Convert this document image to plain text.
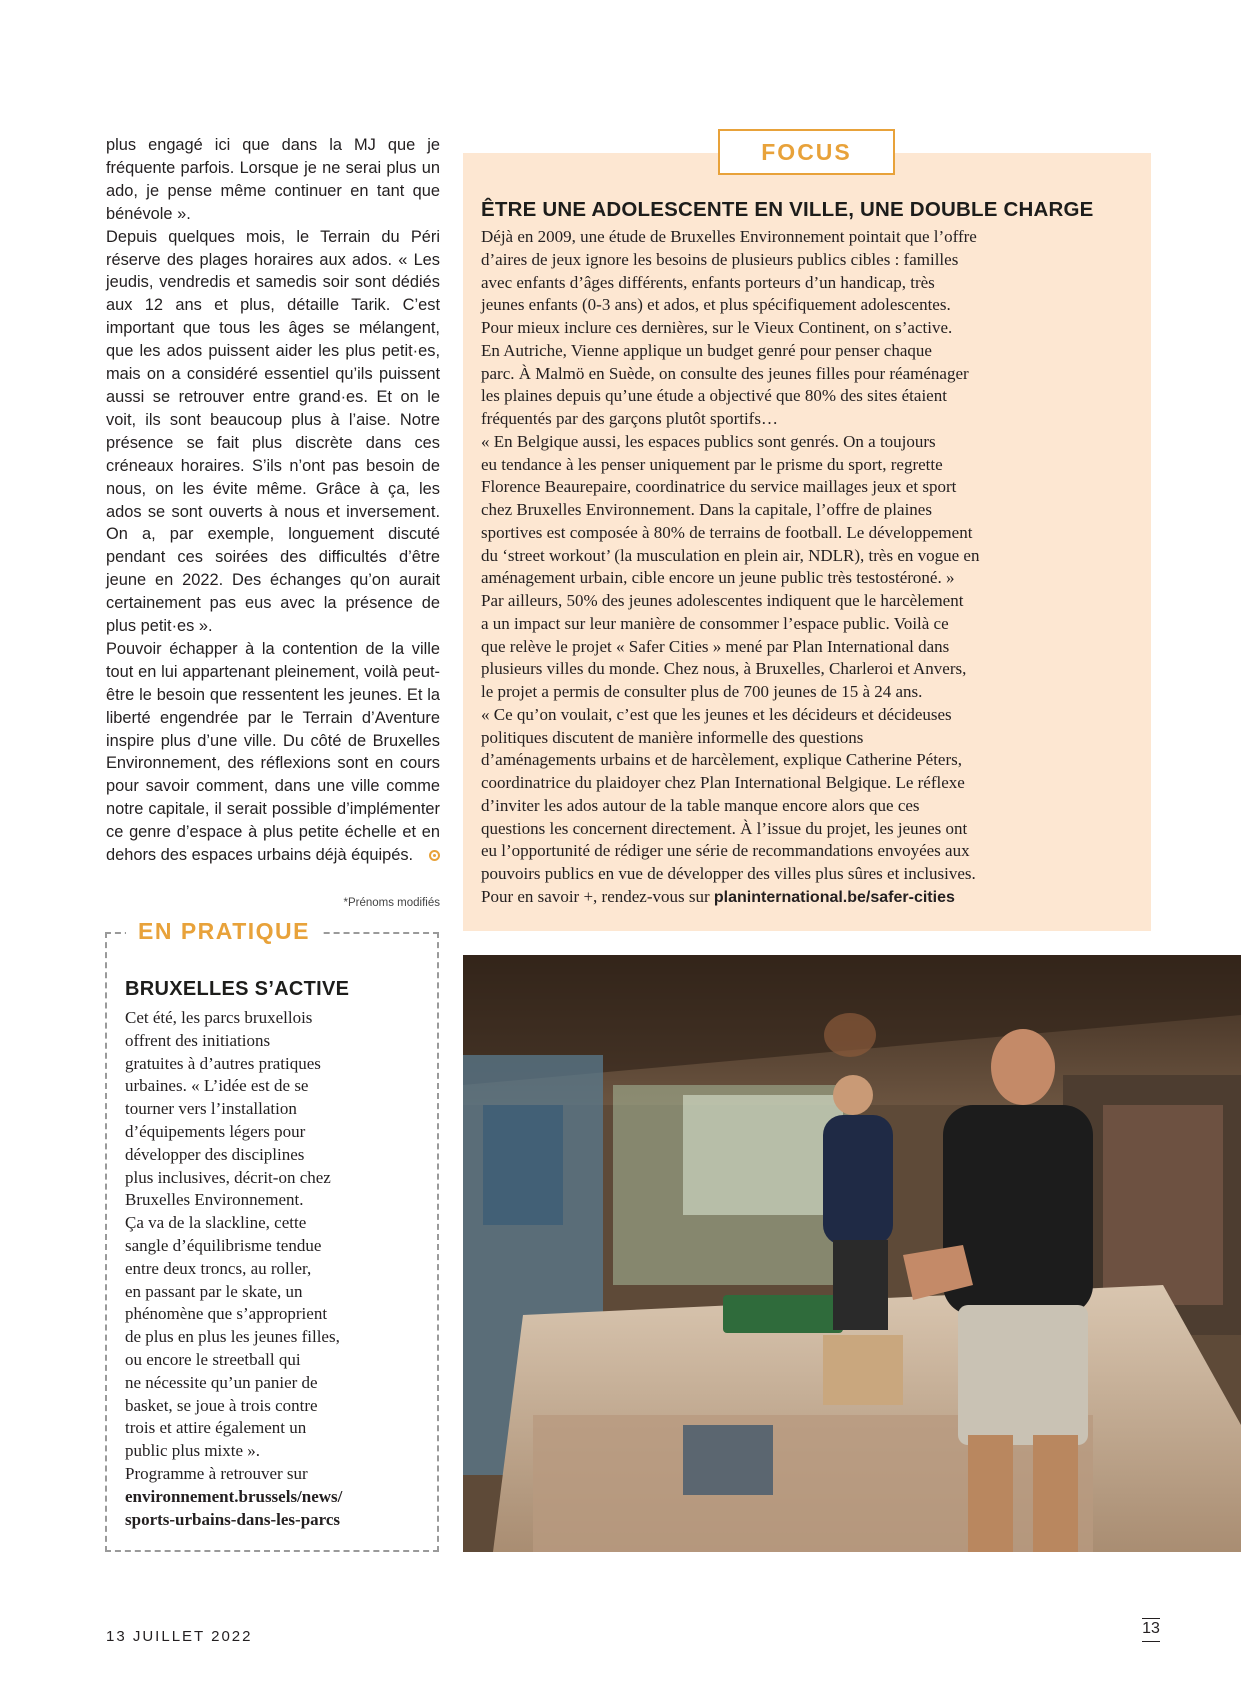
plus engagé ici que dans la MJ que je fréquente parfois. Lorsque je ne serai plus un ado, je pense même continuer en tant que bénévole ».

Depuis quelques mois, le Terrain du Péri réserve des plages horaires aux ados. « Les jeudis, vendredis et samedis soir sont dédiés aux 12 ans et plus, détaille Tarik. C’est important que tous les âges se mélangent, que les ados puissent aider les plus petit·es, mais on a considéré essentiel qu’ils puissent aussi se retrouver entre grand·es. Et on le voit, ils sont beaucoup plus à l’aise. Notre présence se fait plus discrète dans ces créneaux horaires. S’ils n’ont pas besoin de nous, on les évite même. Grâce à ça, les ados se sont ouverts à nous et inversement. On a, par exemple, longuement discuté pendant ces soirées des difficultés d’être jeune en 2022. Des échanges qu’on aurait certainement pas eus avec la présence de plus petit·es ».

Pouvoir échapper à la contention de la ville tout en lui appartenant pleinement, voilà peut-être le besoin que ressentent les jeunes. Et la liberté engendrée par le Terrain d’Aventure inspire plus d’une ville. Du côté de Bruxelles Environnement, des réflexions sont en cours pour savoir comment, dans une ville comme notre capitale, il serait possible d’implémenter ce genre d’espace à plus petite échelle et en dehors des espaces urbains déjà équipés.

*Prénoms modifiés
EN PRATIQUE
BRUXELLES S’ACTIVE
Cet été, les parcs bruxellois
offrent des initiations
gratuites à d’autres pratiques
urbaines. « L’idée est de se
tourner vers l’installation
d’équipements légers pour
développer des disciplines
plus inclusives, décrit-on chez
Bruxelles Environnement.
Ça va de la slackline, cette
sangle d’équilibrisme tendue
entre deux troncs, au roller,
en passant par le skate, un
phénomène que s’approprient
de plus en plus les jeunes filles,
ou encore le streetball qui
ne nécessite qu’un panier de
basket, se joue à trois contre
trois et attire également un
public plus mixte ».
Programme à retrouver sur
environnement.brussels/news/
sports-urbains-dans-les-parcs
FOCUS
ÊTRE UNE ADOLESCENTE EN VILLE, UNE DOUBLE CHARGE
Déjà en 2009, une étude de Bruxelles Environnement pointait que l’offre
d’aires de jeux ignore les besoins de plusieurs publics cibles : familles
avec enfants d’âges différents, enfants porteurs d’un handicap, très
jeunes enfants (0-3 ans) et ados, et plus spécifiquement adolescentes.
Pour mieux inclure ces dernières, sur le Vieux Continent, on s’active.
En Autriche, Vienne applique un budget genré pour penser chaque
parc. À Malmö en Suède, on consulte des jeunes filles pour réaménager
les plaines depuis qu’une étude a objectivé que 80% des sites étaient
fréquentés par des garçons plutôt sportifs…
« En Belgique aussi, les espaces publics sont genrés. On a toujours
eu tendance à les penser uniquement par le prisme du sport, regrette
Florence Beaurepaire, coordinatrice du service maillages jeux et sport
chez Bruxelles Environnement. Dans la capitale, l’offre de plaines
sportives est composée à 80% de terrains de football. Le développement
du ‘street workout’ (la musculation en plein air, NDLR), très en vogue en
aménagement urbain, cible encore un jeune public très testostéroné. »
Par ailleurs, 50% des jeunes adolescentes indiquent que le harcèlement
a un impact sur leur manière de consommer l’espace public. Voilà ce
que relève le projet « Safer Cities » mené par Plan International dans
plusieurs villes du monde. Chez nous, à Bruxelles, Charleroi et Anvers,
le projet a permis de consulter plus de 700 jeunes de 15 à 24 ans.
« Ce qu’on voulait, c’est que les jeunes et les décideurs et décideuses
politiques discutent de manière informelle des questions
d’aménagements urbains et de harcèlement, explique Catherine Péters,
coordinatrice du plaidoyer chez Plan International Belgique. Le réflexe
d’inviter les ados autour de la table manque encore alors que ces
questions les concernent directement. À l’issue du projet, les jeunes ont
eu l’opportunité de rédiger une série de recommandations envoyées aux
pouvoirs publics en vue de développer des villes plus sûres et inclusives.
Pour en savoir +, rendez-vous sur planinternational.be/safer-cities
13 JUILLET 2022	13
